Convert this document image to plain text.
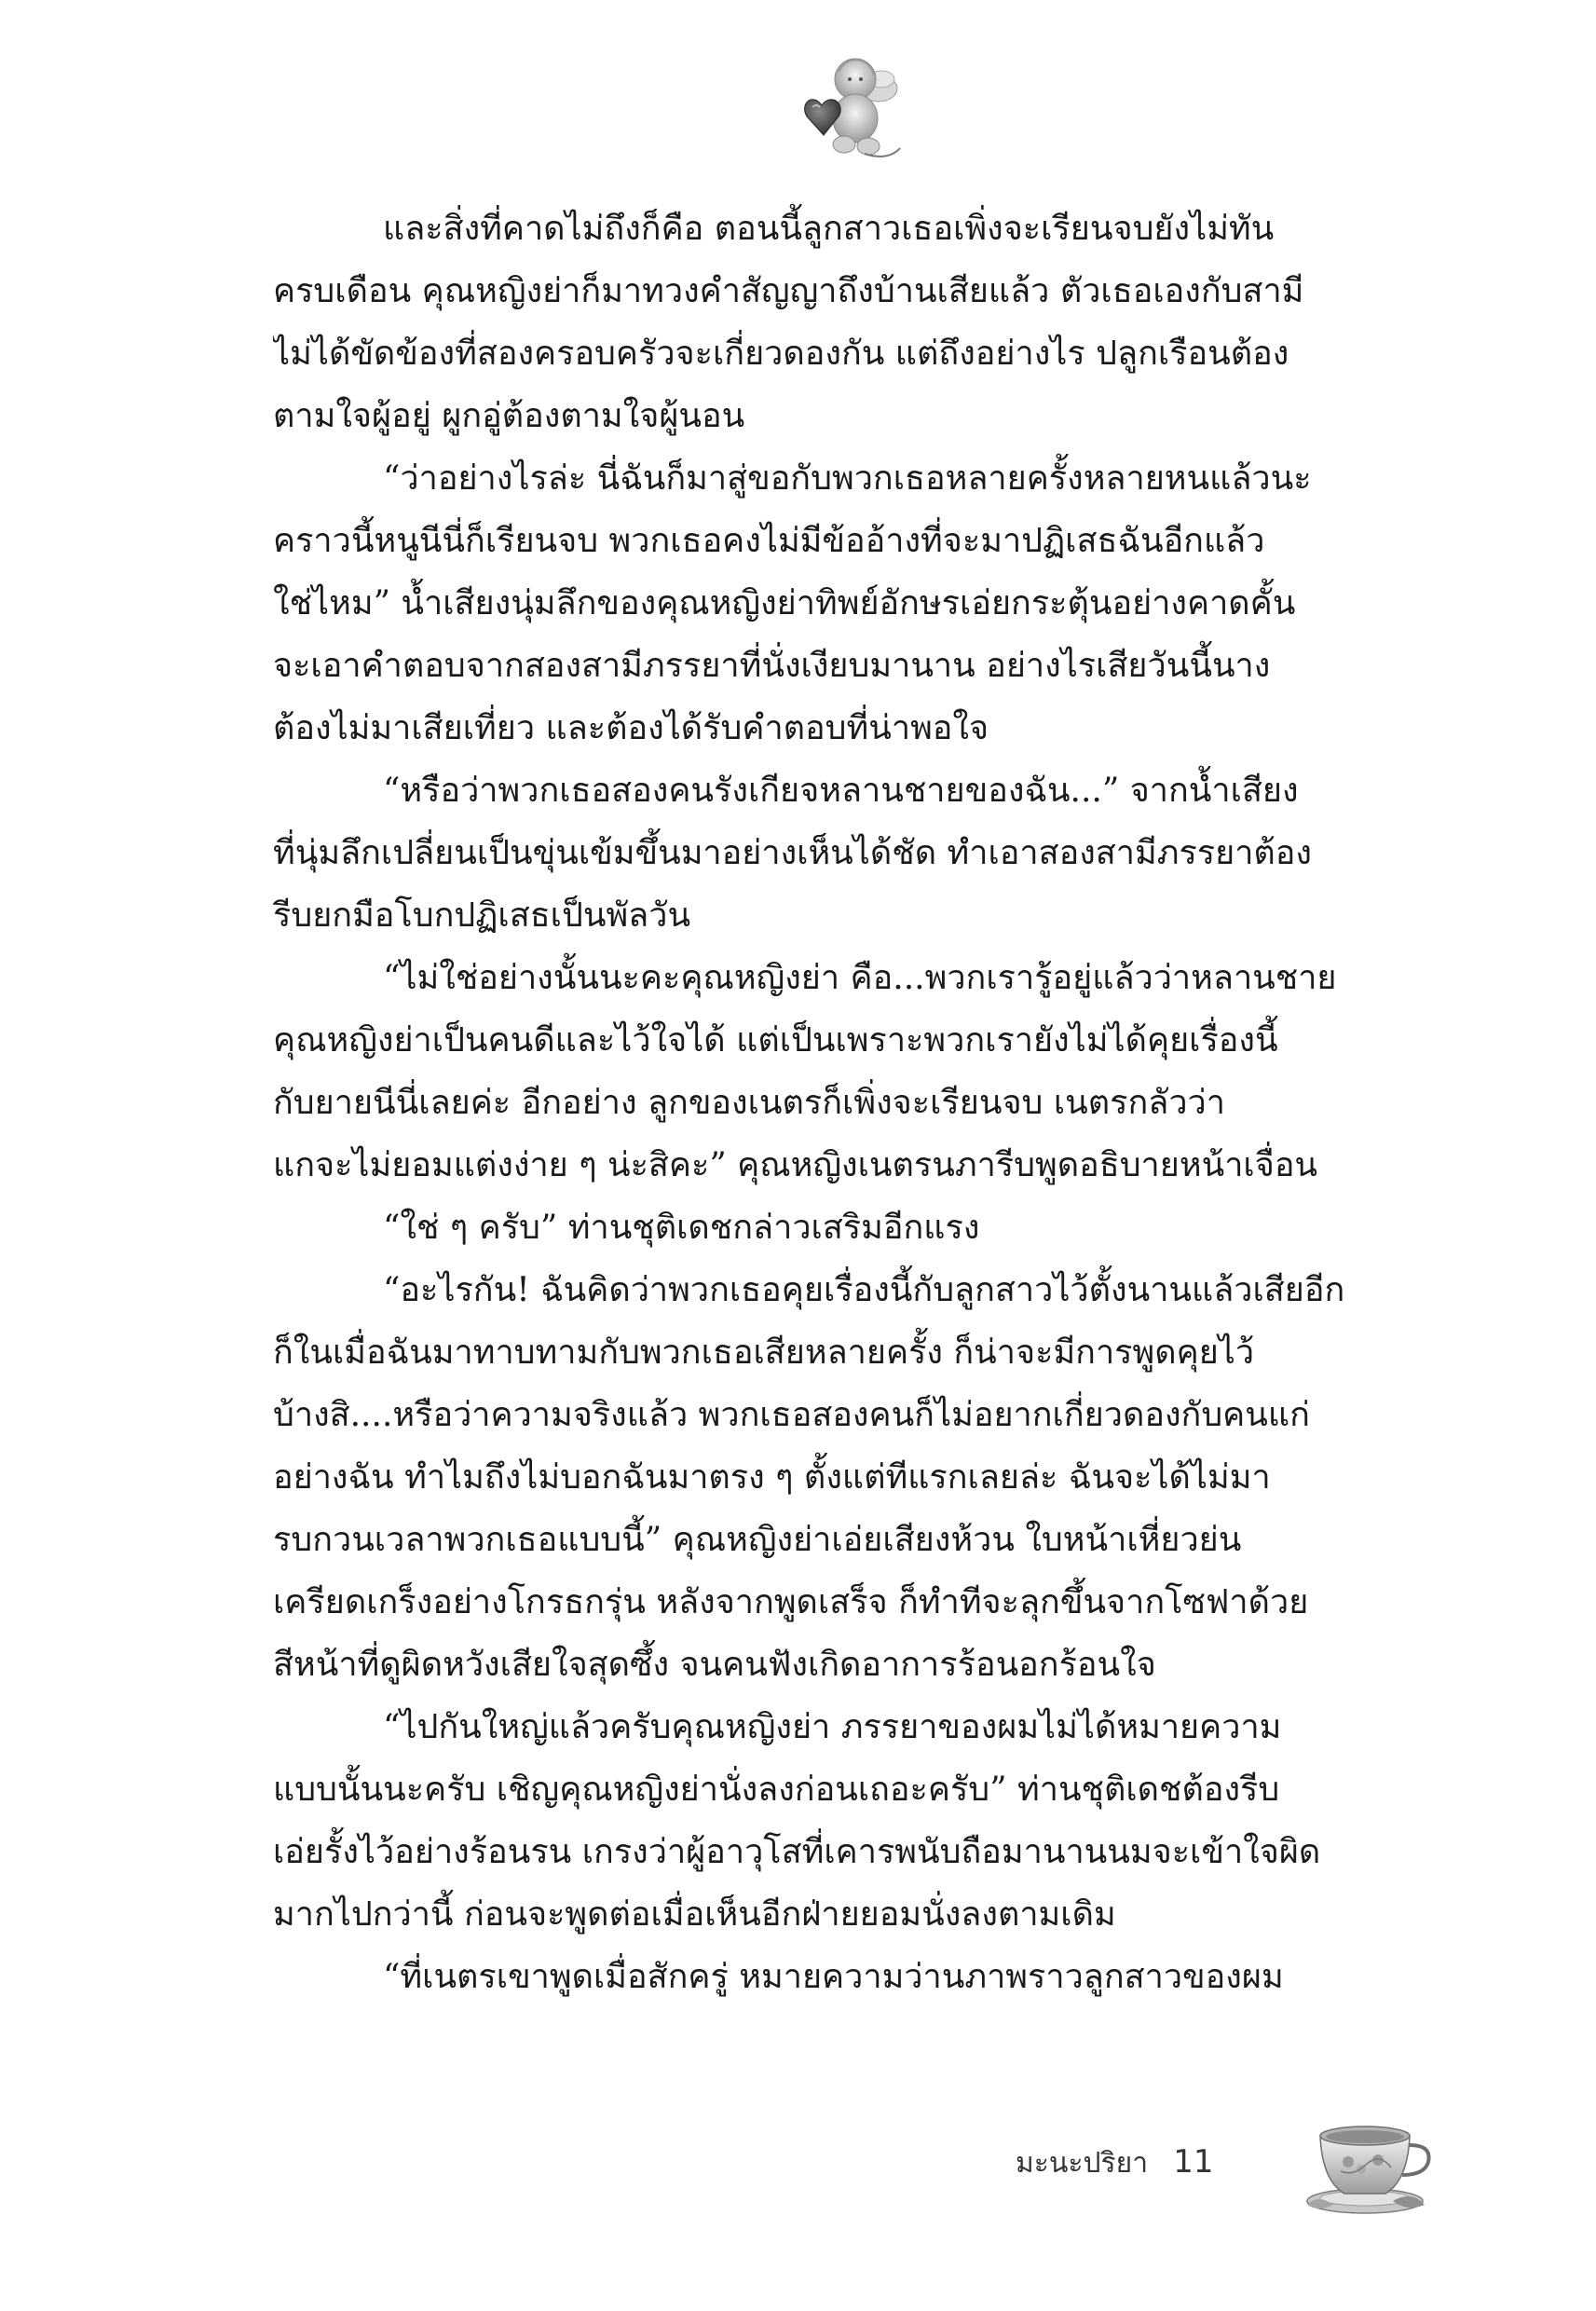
และสิ่งที่คาดไม่ถึงก็คือ ตอนนี้ลูกสาวเธอเพิ่งจะเรียนจบยังไม่ทัน
ครบเดือน คุณหญิงย่าก็มาทวงคำสัญญาถึงบ้านเสียแล้ว ตัวเธอเองกับสามี
ไม่ได้ขัดข้องที่สองครอบครัวจะเกี่ยวดองกัน แต่ถึงอย่างไร ปลูกเรือนต้อง
ตามใจผู้อยู่ ผูกอู่ต้องตามใจผู้นอน
“ว่าอย่างไรล่ะ นี่ฉันก็มาสู่ขอกับพวกเธอหลายครั้งหลายหนแล้วนะ
คราวนี้หนูนีนี่ก็เรียนจบ พวกเธอคงไม่มีข้ออ้างที่จะมาปฏิเสธฉันอีกแล้ว
ใช่ไหม” น้ำเสียงนุ่มลึกของคุณหญิงย่าทิพย์อักษรเอ่ยกระตุ้นอย่างคาดคั้น
จะเอาคำตอบจากสองสามีภรรยาที่นั่งเงียบมานาน อย่างไรเสียวันนี้นาง
ต้องไม่มาเสียเที่ยว และต้องได้รับคำตอบที่น่าพอใจ
“หรือว่าพวกเธอสองคนรังเกียจหลานชายของฉัน...” จากน้ำเสียง
ที่นุ่มลึกเปลี่ยนเป็นขุ่นเข้มขึ้นมาอย่างเห็นได้ชัด ทำเอาสองสามีภรรยาต้อง
รีบยกมือโบกปฏิเสธเป็นพัลวัน
“ไม่ใช่อย่างนั้นนะคะคุณหญิงย่า คือ...พวกเรารู้อยู่แล้วว่าหลานชาย
คุณหญิงย่าเป็นคนดีและไว้ใจได้ แต่เป็นเพราะพวกเรายังไม่ได้คุยเรื่องนี้
กับยายนีนี่เลยค่ะ อีกอย่าง ลูกของเนตรก็เพิ่งจะเรียนจบ เนตรกลัวว่า
แกจะไม่ยอมแต่งง่าย ๆ น่ะสิคะ” คุณหญิงเนตรนภารีบพูดอธิบายหน้าเจื่อน
“ใช่ ๆ ครับ” ท่านชุติเดชกล่าวเสริมอีกแรง
“อะไรกัน! ฉันคิดว่าพวกเธอคุยเรื่องนี้กับลูกสาวไว้ตั้งนานแล้วเสียอีก
ก็ในเมื่อฉันมาทาบทามกับพวกเธอเสียหลายครั้ง ก็น่าจะมีการพูดคุยไว้
บ้างสิ....หรือว่าความจริงแล้ว พวกเธอสองคนก็ไม่อยากเกี่ยวดองกับคนแก่
อย่างฉัน ทำไมถึงไม่บอกฉันมาตรง ๆ ตั้งแต่ทีแรกเลยล่ะ ฉันจะได้ไม่มา
รบกวนเวลาพวกเธอแบบนี้” คุณหญิงย่าเอ่ยเสียงห้วน ใบหน้าเหี่ยวย่น
เครียดเกร็งอย่างโกรธกรุ่น หลังจากพูดเสร็จ ก็ทำทีจะลุกขึ้นจากโซฟาด้วย
สีหน้าที่ดูผิดหวังเสียใจสุดซึ้ง จนคนฟังเกิดอาการร้อนอกร้อนใจ
“ไปกันใหญ่แล้วครับคุณหญิงย่า ภรรยาของผมไม่ได้หมายความ
แบบนั้นนะครับ เชิญคุณหญิงย่านั่งลงก่อนเถอะครับ” ท่านชุติเดชต้องรีบ
เอ่ยรั้งไว้อย่างร้อนรน เกรงว่าผู้อาวุโสที่เคารพนับถือมานานนมจะเข้าใจผิด
มากไปกว่านี้ ก่อนจะพูดต่อเมื่อเห็นอีกฝ่ายยอมนั่งลงตามเดิม
“ที่เนตรเขาพูดเมื่อสักครู่ หมายความว่านภาพราวลูกสาวของผม
มะนะปริยา 11
